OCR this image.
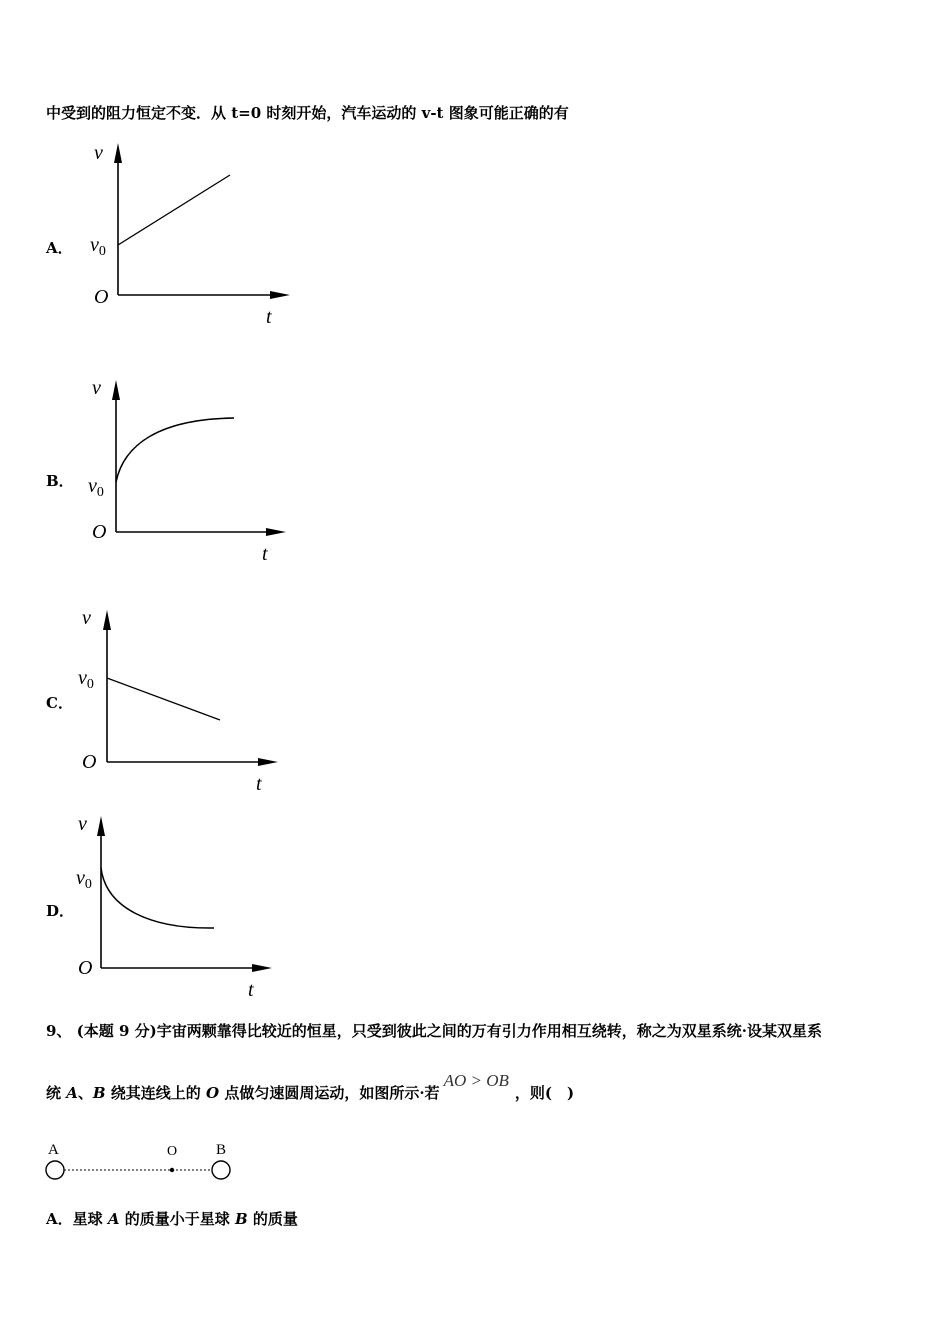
中受到的阻力恒定不变．从 t=0 时刻开始，汽车运动的 v-t 图象可能正确的有
A．
v
O
t
$v_0$
B．
v
O
t
$v_0$
C．
v
O
t
$v_0$
D．
v
O
t
$v_0$
9、 (本题 9 分)宇宙两颗靠得比较近的恒星，只受到彼此之间的万有引力作用相互绕转，称之为双星系统·设某双星系
统 A、B 绕其连线上的 O 点做匀速圆周运动，如图所示·若AO > OB，则(　)
A	O	B
A．星球 A 的质量小于星球 B 的质量
